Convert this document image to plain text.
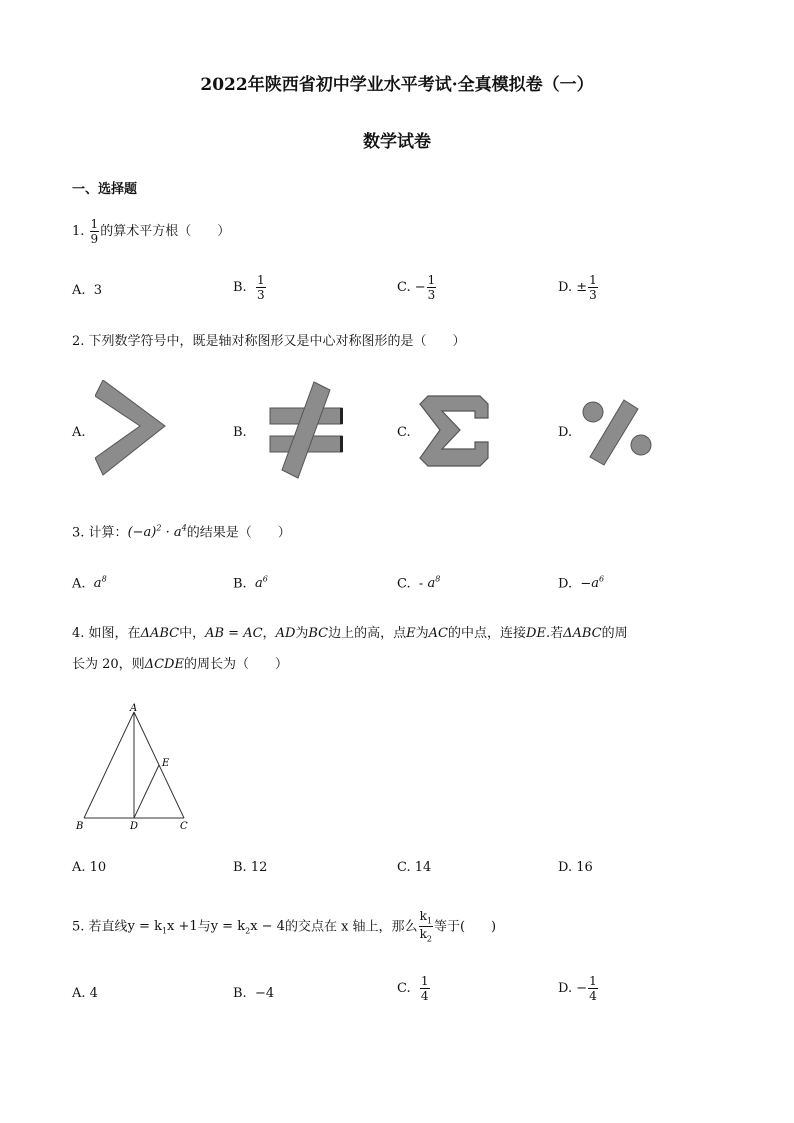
2022年陕西省初中学业水平考试·全真模拟卷（一）
数学试卷
一、选择题
1. $\frac{1}{9}$ 的算术平方根（　　）
A. 3	B. $\frac{1}{3}$	C. − $\frac{1}{3}$	D. ± $\frac{1}{3}$
2. 下列数学符号中，既是轴对称图形又是中心对称图形的是（　　）
A.	B.	C.	D.
3. 计算：$(-a)^2 \cdot a^4$的结果是（　　）
A. $a^8$	B. $a^6$	C. - $a^8$	D. $-a^6$
4. 如图，在ΔABC中，AB = AC，AD为BC边上的高，点E为AC的中点，连接DE.若ΔABC的周
长为 20，则ΔCDE的周长为（　　）
A
B	D	C
E
A. 10	B. 12	C. 14	D. 16
5. 若直线$y = k_1x +1$与$y = k_2x - 4$的交点在 x 轴上，那么 $\frac{k_1}{k_2}$ 等于(　　)
A. 4	B. −4	C. $\frac{1}{4}$	D. − $\frac{1}{4}$
